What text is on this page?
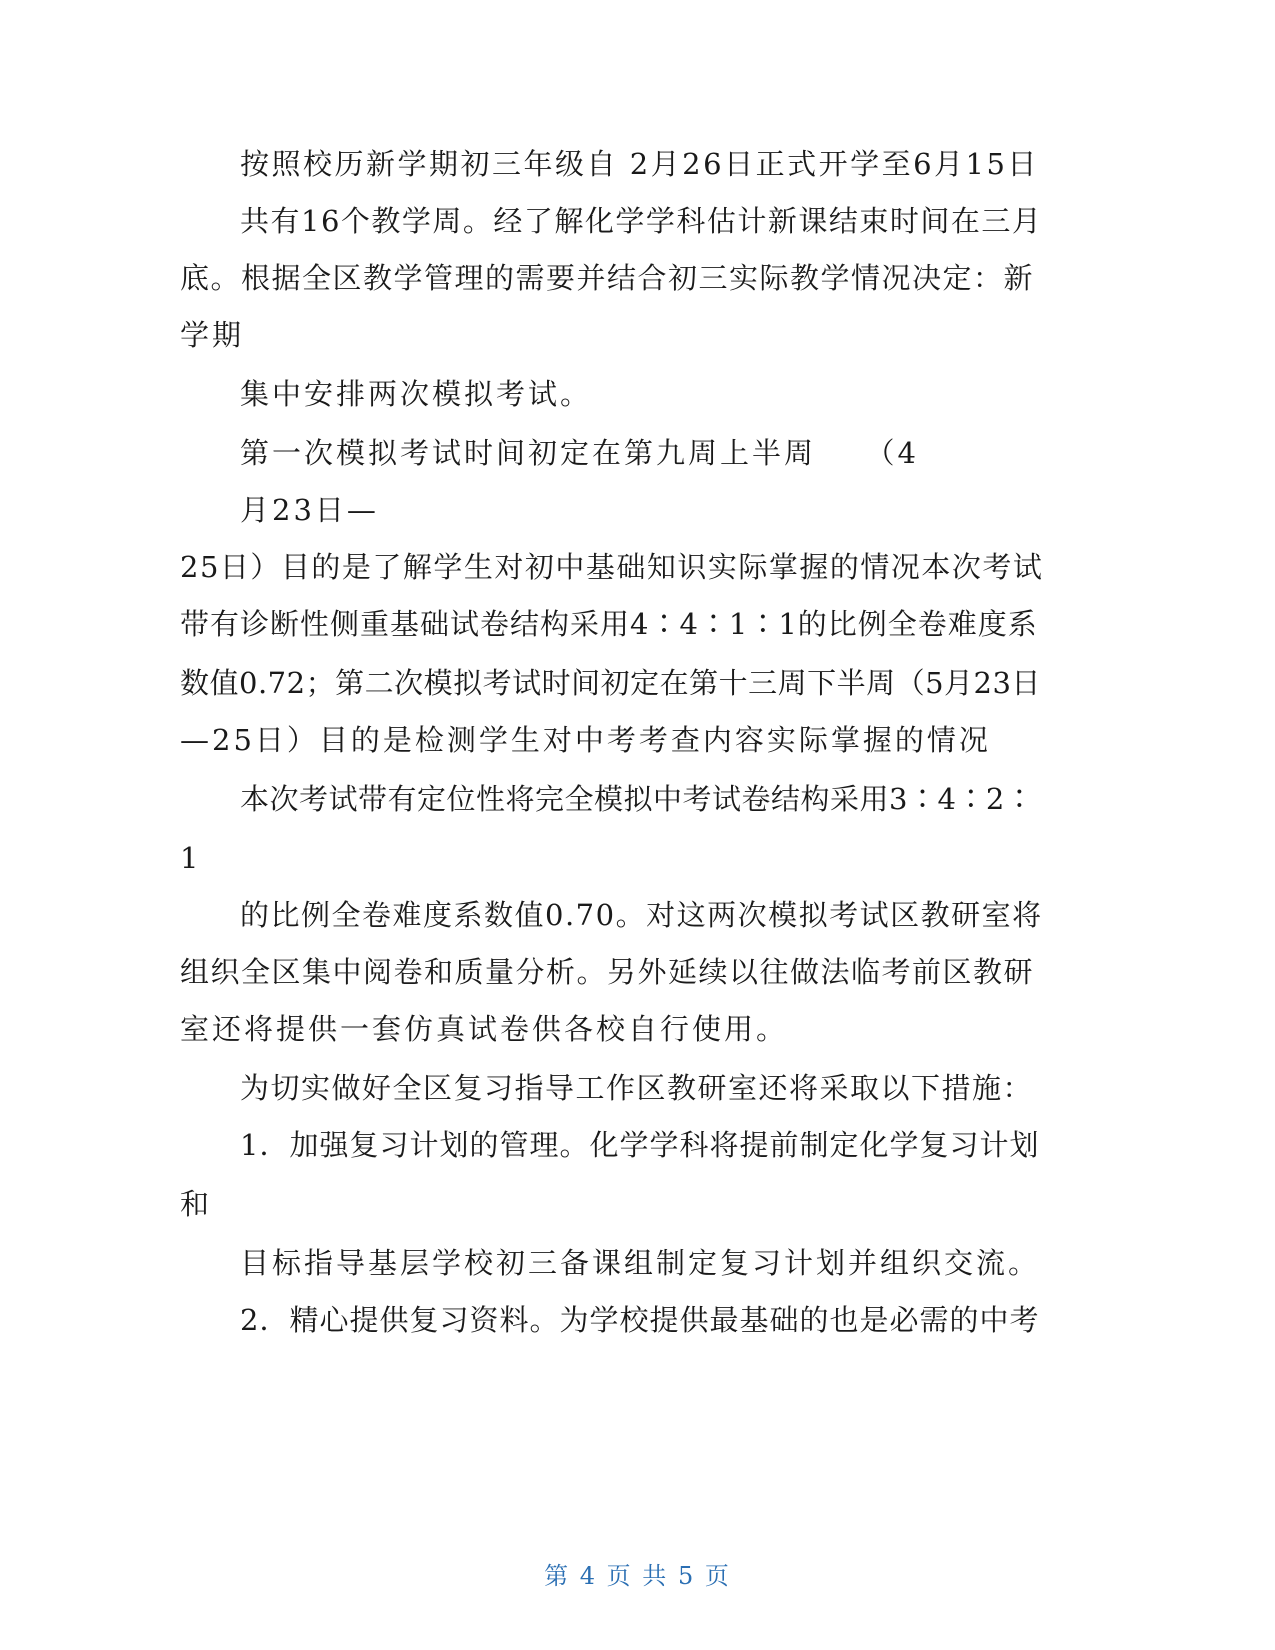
按照校历新学期初三年级自 2月26日正式开学至6月15日
共有16个教学周。经了解化学学科估计新课结束时间在三月
底。根据全区教学管理的需要并结合初三实际教学情况决定：新
学期
集中安排两次模拟考试。
第一次模拟考试时间初定在第九周上半周　　（4
月23日—
25日）目的是了解学生对初中基础知识实际掌握的情况本次考试
带有诊断性侧重基础试卷结构采用4∶4∶1∶1的比例全卷难度系
数值0.72；第二次模拟考试时间初定在第十三周下半周（5月23日
—25日）目的是检测学生对中考考查内容实际掌握的情况
本次考试带有定位性将完全模拟中考试卷结构采用3∶4∶2∶
1
的比例全卷难度系数值0.70。对这两次模拟考试区教研室将
组织全区集中阅卷和质量分析。另外延续以往做法临考前区教研
室还将提供一套仿真试卷供各校自行使用。
为切实做好全区复习指导工作区教研室还将采取以下措施：
1．加强复习计划的管理。化学学科将提前制定化学复习计划
和
目标指导基层学校初三备课组制定复习计划并组织交流。
2．精心提供复习资料。为学校提供最基础的也是必需的中考
第 4 页 共 5 页
